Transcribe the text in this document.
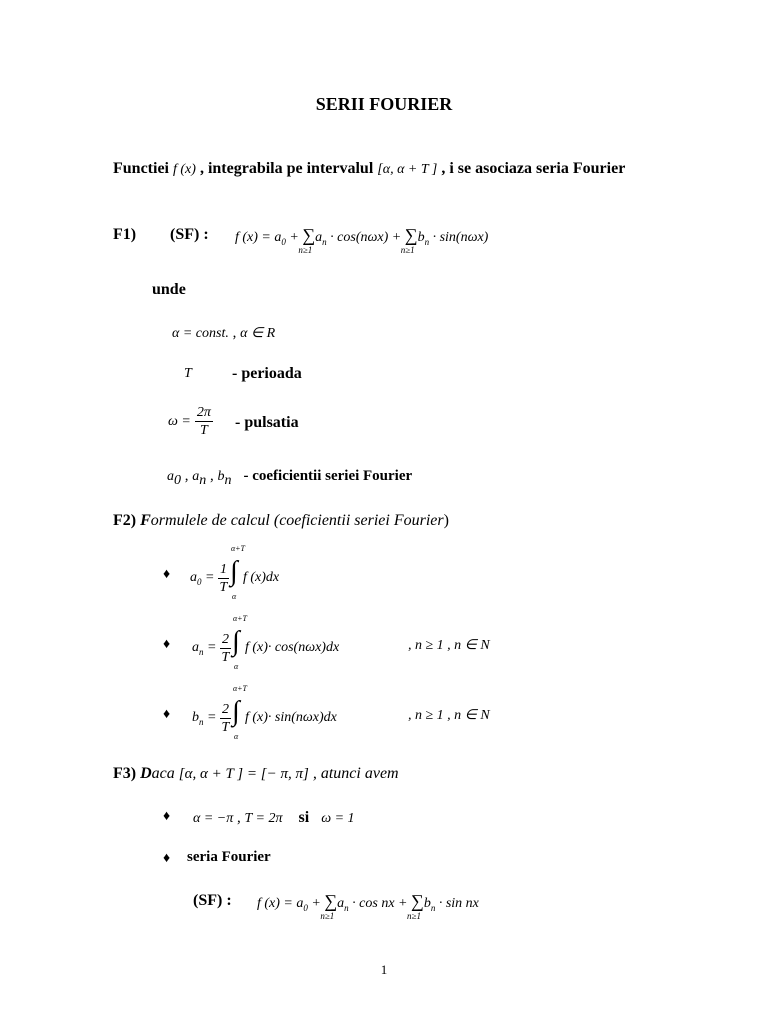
SERII FOURIER
Functiei f (x) , integrabila pe intervalul [α, α + T ] , i se asociaza seria Fourier
F1) (SF) : f $(x) = a_0$ + ∑
n≥1
$a_n \cdot \cos(n\omega x)$ + ∑
n≥1
$b_n \cdot \sin(n\omega x)$
unde
α = const. , α ∈ R
T	- perioada
$\omega = \frac{2\pi}{T}$ - pulsatia
$a_0$ , $a_n$ , $b_n$ - coeficientii seriei Fourier
F2) Formulele de calcul (coeficientii seriei Fourier)
♦ $a_0 = \frac{1}{T}$ ∫
α+T
α
f (x)dx
♦ $a_n = \frac{2}{T}$ ∫
α+T
α
f (x)· cos(nωx)dx	, n ≥ 1 , n ∈ N
♦ $b_n = \frac{2}{T}$ ∫
α+T
α
f (x)· sin(nωx)dx	, n ≥ 1 , n ∈ N
F3) Daca [α, α + T ] = [− π, π] , atunci avem
♦ α = −π , T = 2π si ω = 1
♦ seria Fourier
(SF) : f $(x) = a_0$ + ∑
n≥1
$a_n \cdot \cos$ nx + ∑
n≥1
$b_n \cdot \sin$ nx
1
